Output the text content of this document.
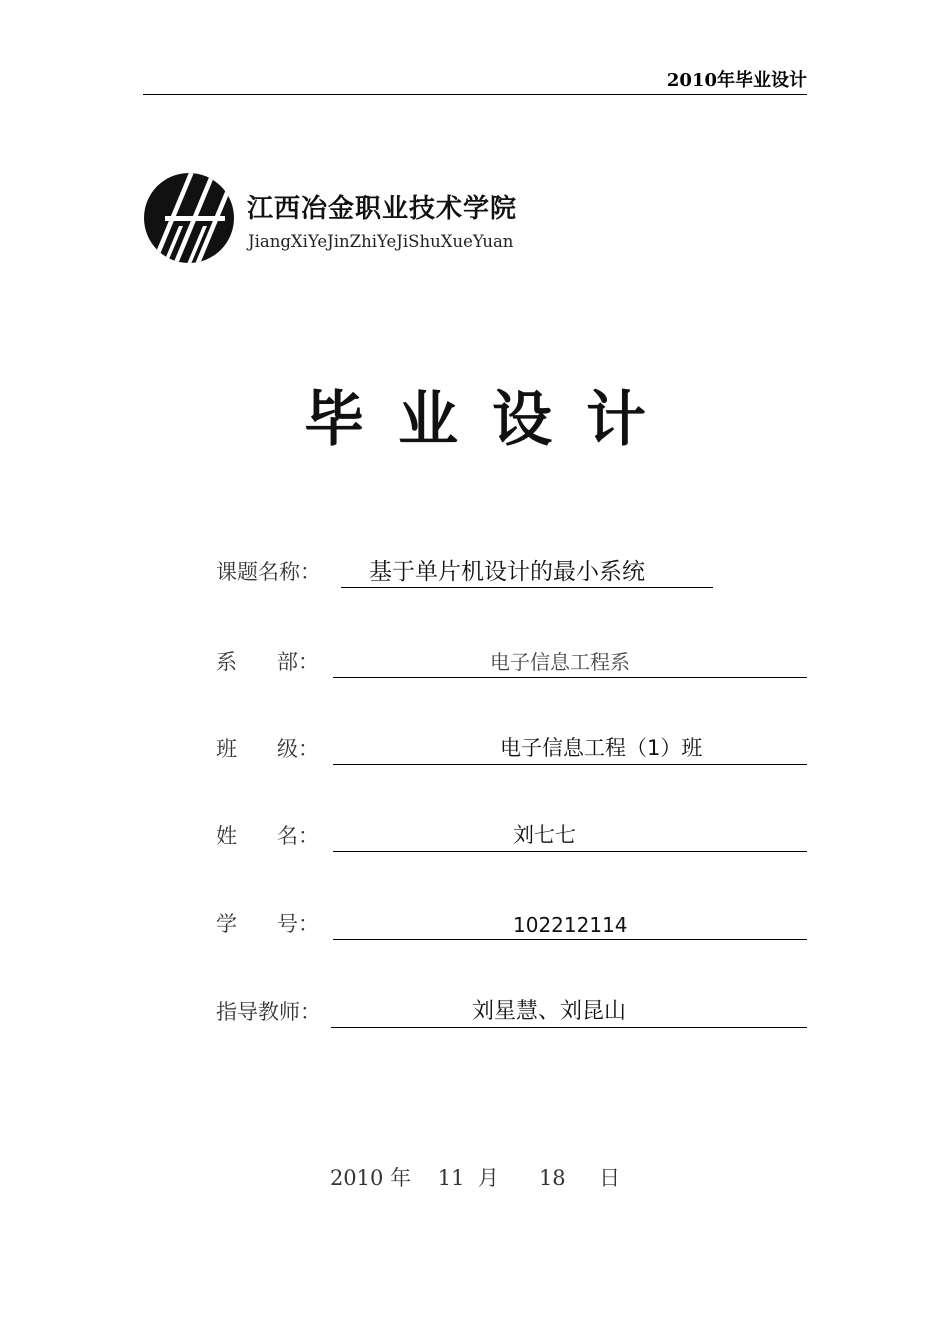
2010年毕业设计
江西冶金职业技术学院
JiangXiYeJinZhiYeJiShuXueYuan
毕业设计
课题名称： 基于单片机设计的最小系统
系      部：	电子信息工程系
班      级：	电子信息工程（1）班
姓      名：	刘七七
学      号：	102212114
指导教师：	刘星慧、刘昆山
2010 年 11 月 18 日
